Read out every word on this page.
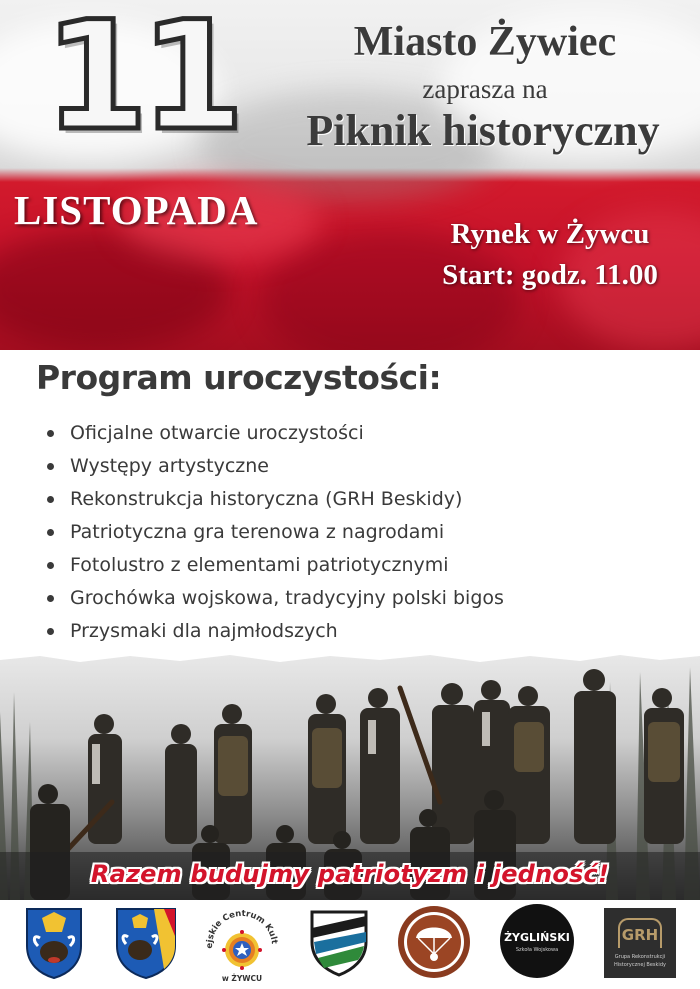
11
LISTOPADA
Miasto Żywiec
zaprasza na
Piknik historyczny
Rynek w Żywcu
Start: godz. 11.00
Program uroczystości:
Oficjalne otwarcie uroczystości
Występy artystyczne
Rekonstrukcja historyczna (GRH Beskidy)
Patriotyczna gra terenowa z nagrodami
Fotolustro z elementami patriotycznymi
Grochówka wojskowa, tradycyjny polski bigos
Przysmaki dla najmłodszych
Razem budujmy patriotyzm i jedność!
ejskie Centrum Kult
w ŻYWCU
ŻYGLIŃSKI
Szkoła Wojskowa
GRH
Grupa Rekonstrukcji
Historycznej Beskidy
